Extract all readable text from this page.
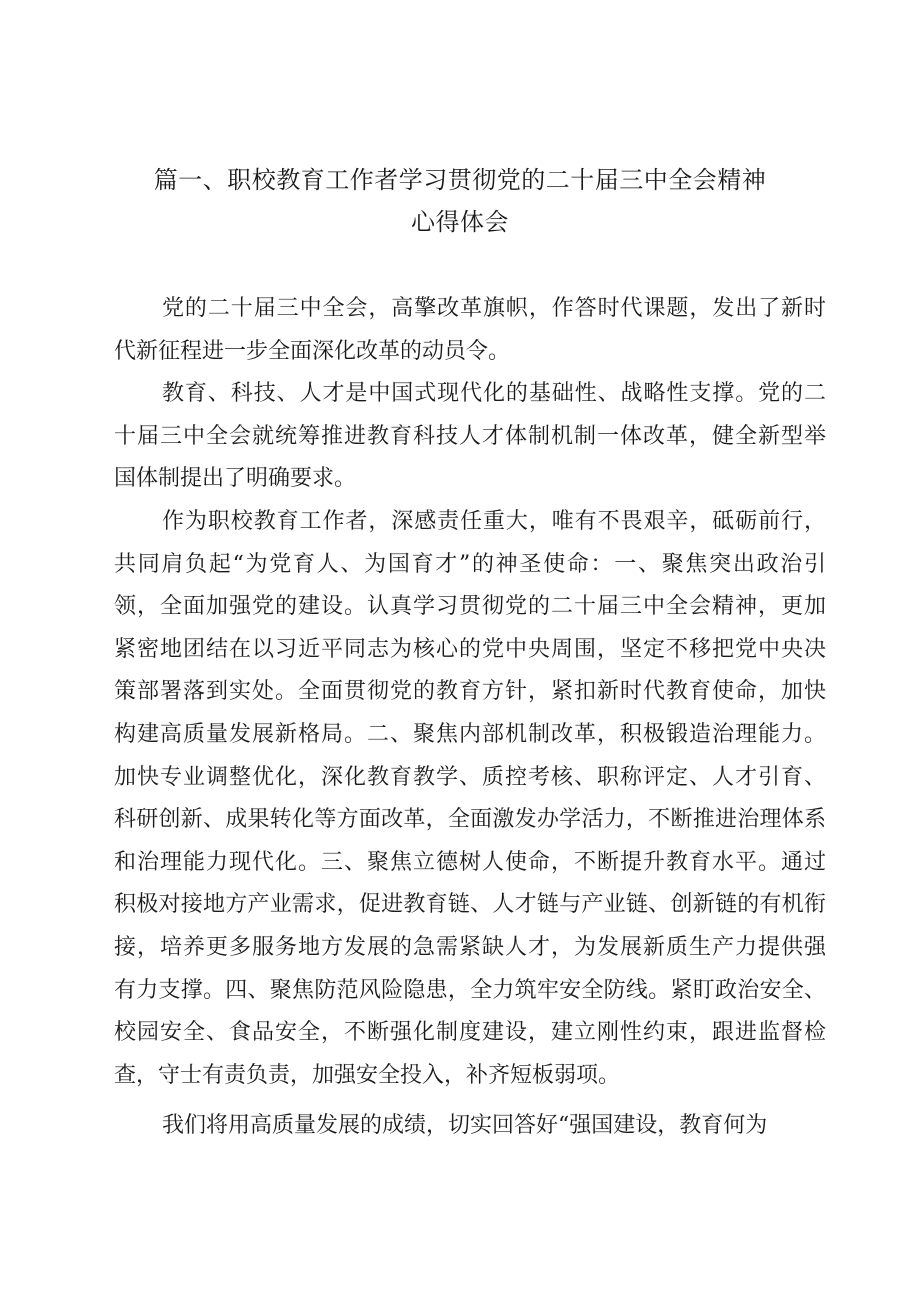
篇一、职校教育工作者学习贯彻党的二十届三中全会精神
心得体会
党的二十届三中全会，高擎改革旗帜，作答时代课题，发出了新时
代新征程进一步全面深化改革的动员令。
教育、科技、人才是中国式现代化的基础性、战略性支撑。党的二
十届三中全会就统筹推进教育科技人才体制机制一体改革，健全新型举
国体制提出了明确要求。
作为职校教育工作者，深感责任重大，唯有不畏艰辛，砥砺前行，
共同肩负起“为党育人、为国育才”的神圣使命：一、聚焦突出政治引
领，全面加强党的建设。认真学习贯彻党的二十届三中全会精神，更加
紧密地团结在以习近平同志为核心的党中央周围，坚定不移把党中央决
策部署落到实处。全面贯彻党的教育方针，紧扣新时代教育使命，加快
构建高质量发展新格局。二、聚焦内部机制改革，积极锻造治理能力。
加快专业调整优化，深化教育教学、质控考核、职称评定、人才引育、
科研创新、成果转化等方面改革，全面激发办学活力，不断推进治理体系
和治理能力现代化。三、聚焦立德树人使命，不断提升教育水平。通过
积极对接地方产业需求，促进教育链、人才链与产业链、创新链的有机衔
接，培养更多服务地方发展的急需紧缺人才，为发展新质生产力提供强
有力支撑。四、聚焦防范风险隐患，全力筑牢安全防线。紧盯政治安全、
校园安全、食品安全，不断强化制度建设，建立刚性约束，跟进监督检
查，守士有责负责，加强安全投入，补齐短板弱项。
我们将用高质量发展的成绩，切实回答好“强国建设，教育何为
